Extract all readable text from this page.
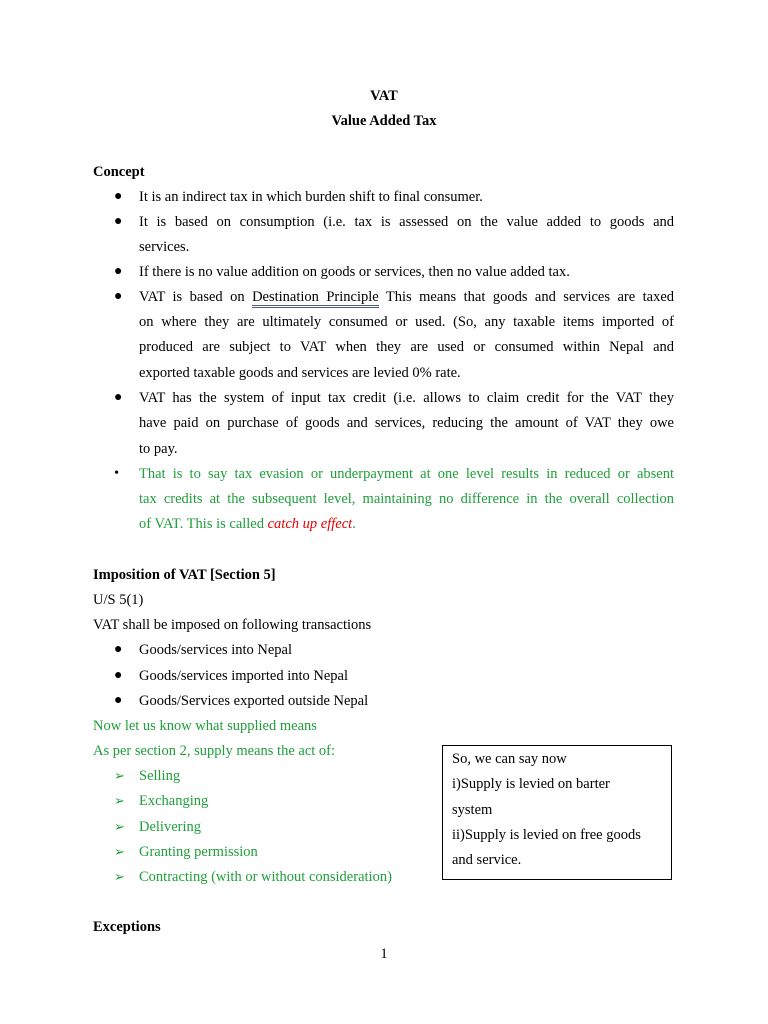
VAT
Value Added Tax
Concept
● It is an indirect tax in which burden shift to final consumer.
● It is based on consumption (i.e. tax is assessed on the value added to goods and
services.
● If there is no value addition on goods or services, then no value added tax.
● VAT is based on Destination Principle This means that goods and services are taxed
on where they are ultimately consumed or used. (So, any taxable items imported of
produced are subject to VAT when they are used or consumed within Nepal and
exported taxable goods and services are levied 0% rate.
● VAT has the system of input tax credit (i.e. allows to claim credit for the VAT they
have paid on purchase of goods and services, reducing the amount of VAT they owe
to pay.
• That is to say tax evasion or underpayment at one level results in reduced or absent
tax credits at the subsequent level, maintaining no difference in the overall collection
of VAT. This is called catch up effect.
Imposition of VAT [Section 5]
U/S 5(1)
VAT shall be imposed on following transactions
● Goods/services into Nepal
● Goods/services imported into Nepal
● Goods/Services exported outside Nepal
Now let us know what supplied means
As per section 2, supply means the act of:
➢ Selling
➢ Exchanging
➢ Delivering
➢ Granting permission
➢ Contracting (with or without consideration)
So, we can say now
i)Supply is levied on barter
system
ii)Supply is levied on free goods
and service.
Exceptions
1
